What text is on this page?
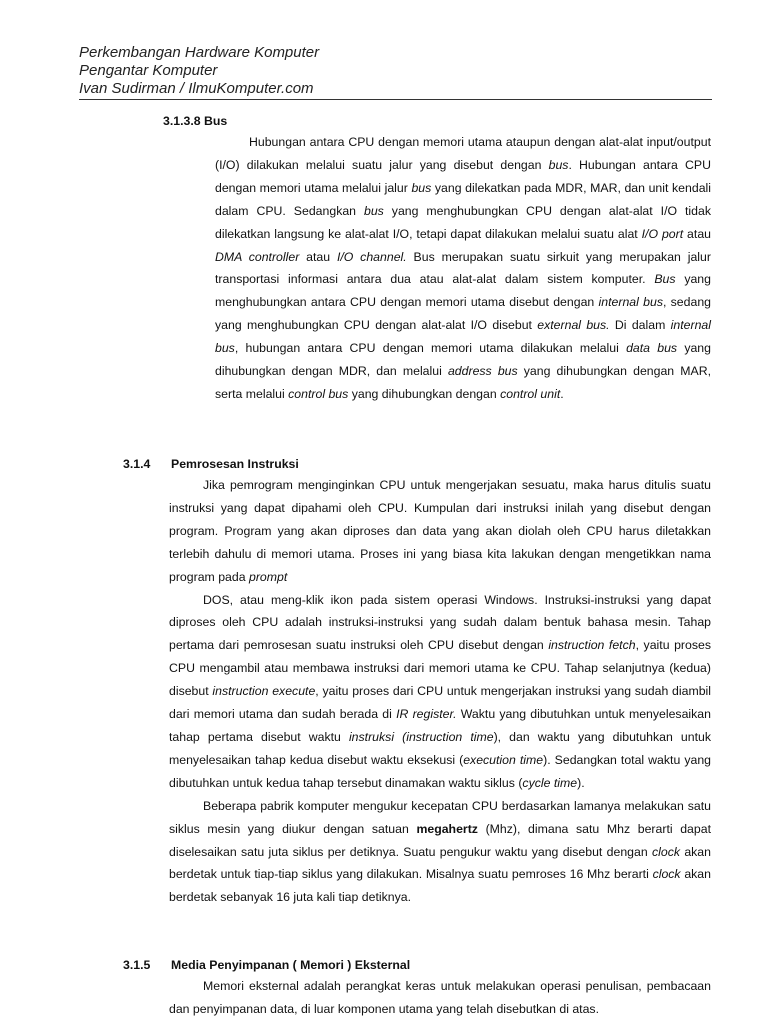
Perkembangan Hardware Komputer
Pengantar Komputer
Ivan Sudirman / IlmuKomputer.com
3.1.3.8 Bus

Hubungan antara CPU dengan memori utama ataupun dengan alat-alat input/output (I/O) dilakukan melalui suatu jalur yang disebut dengan bus. Hubungan antara CPU dengan memori utama melalui jalur bus yang dilekatkan pada MDR, MAR, dan unit kendali dalam CPU. Sedangkan bus yang menghubungkan CPU dengan alat-alat I/O tidak dilekatkan langsung ke alat-alat I/O, tetapi dapat dilakukan melalui suatu alat I/O port atau DMA controller atau I/O channel. Bus merupakan suatu sirkuit yang merupakan jalur transportasi informasi antara dua atau alat-alat dalam sistem komputer. Bus yang menghubungkan antara CPU dengan memori utama disebut dengan internal bus, sedang yang menghubungkan CPU dengan alat-alat I/O disebut external bus. Di dalam internal bus, hubungan antara CPU dengan memori utama dilakukan melalui data bus yang dihubungkan dengan MDR, dan melalui address bus yang dihubungkan dengan MAR, serta melalui control bus yang dihubungkan dengan control unit.

3.1.4 Pemrosesan Instruksi

Jika pemrogram menginginkan CPU untuk mengerjakan sesuatu, maka harus ditulis suatu instruksi yang dapat dipahami oleh CPU. Kumpulan dari instruksi inilah yang disebut dengan program. Program yang akan diproses dan data yang akan diolah oleh CPU harus diletakkan terlebih dahulu di memori utama. Proses ini yang biasa kita lakukan dengan mengetikkan nama program pada prompt

DOS, atau meng-klik ikon pada sistem operasi Windows. Instruksi-instruksi yang dapat diproses oleh CPU adalah instruksi-instruksi yang sudah dalam bentuk bahasa mesin. Tahap pertama dari pemrosesan suatu instruksi oleh CPU disebut dengan instruction fetch, yaitu proses CPU mengambil atau membawa instruksi dari memori utama ke CPU. Tahap selanjutnya (kedua) disebut instruction execute, yaitu proses dari CPU untuk mengerjakan instruksi yang sudah diambil dari memori utama dan sudah berada di IR register. Waktu yang dibutuhkan untuk menyelesaikan tahap pertama disebut waktu instruksi (instruction time), dan waktu yang dibutuhkan untuk menyelesaikan tahap kedua disebut waktu eksekusi (execution time). Sedangkan total waktu yang dibutuhkan untuk kedua tahap tersebut dinamakan waktu siklus (cycle time).

Beberapa pabrik komputer mengukur kecepatan CPU berdasarkan lamanya melakukan satu siklus mesin yang diukur dengan satuan megahertz (Mhz), dimana satu Mhz berarti dapat diselesaikan satu juta siklus per detiknya. Suatu pengukur waktu yang disebut dengan clock akan berdetak untuk tiap-tiap siklus yang dilakukan. Misalnya suatu pemroses 16 Mhz berarti clock akan berdetak sebanyak 16 juta kali tiap detiknya.

3.1.5 Media Penyimpanan ( Memori ) Eksternal

Memori eksternal adalah perangkat keras untuk melakukan operasi penulisan, pembacaan dan penyimpanan data, di luar komponen utama yang telah disebutkan di atas.
